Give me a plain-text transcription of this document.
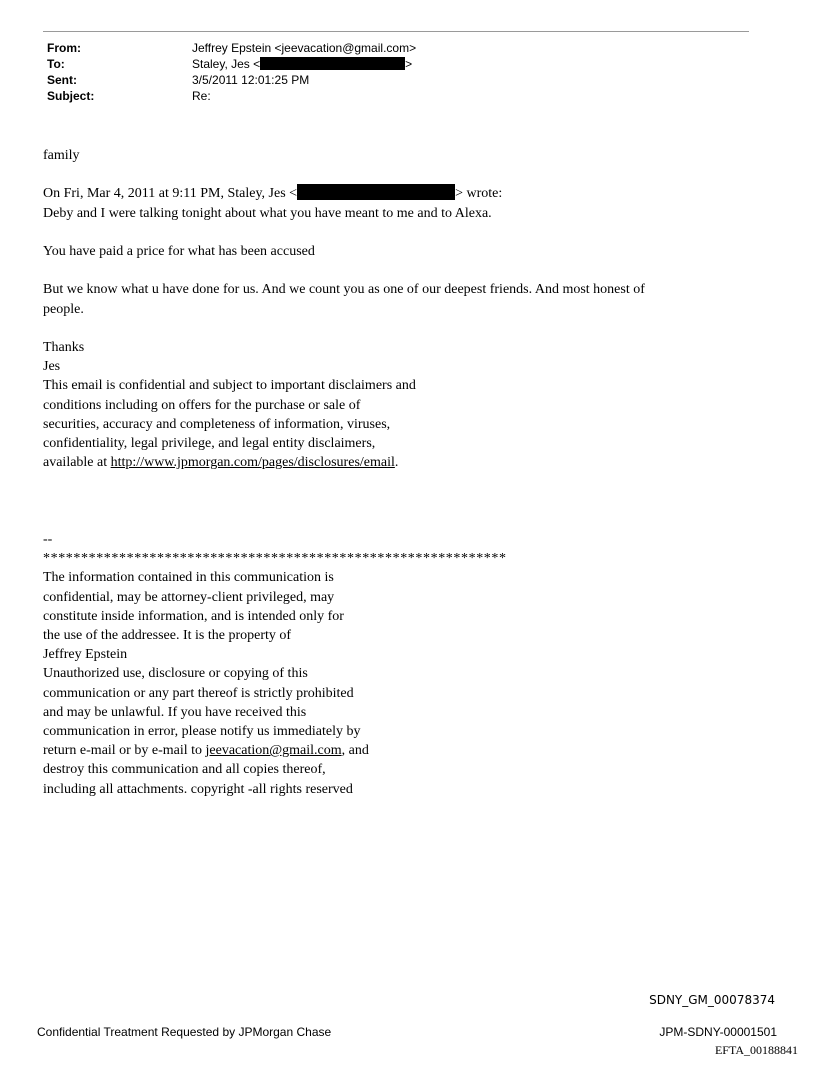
From:	Jeffrey Epstein <jeevacation@gmail.com>
To:	Staley, Jes <	>
Sent:	3/5/2011 12:01:25 PM
Subject:	Re:

family

On Fri, Mar 4, 2011 at 9:11 PM, Staley, Jes <	> wrote:

Deby and I were talking tonight about what you have meant to me and to Alexa.

You have paid a price for what has been accused

But we know what u have done for us. And we count you as one of our deepest friends. And most honest of

people.

Thanks

Jes

This email is confidential and subject to important disclaimers and

conditions including on offers for the purchase or sale of

securities, accuracy and completeness of information, viruses,

confidentiality, legal privilege, and legal entity disclaimers,

available at http://www.jpmorgan.com/pages/disclosures/email.

--

*************************************************************

The information contained in this communication is

confidential, may be attorney-client privileged, may

constitute inside information, and is intended only for

the use of the addressee. It is the property of

Jeffrey Epstein

Unauthorized use, disclosure or copying of this

communication or any part thereof is strictly prohibited

and may be unlawful. If you have received this

communication in error, please notify us immediately by

return e-mail or by e-mail to jeevacation@gmail.com, and

destroy this communication and all copies thereof,

including all attachments. copyright -all rights reserved

SDNY_GM_00078374
Confidential Treatment Requested by JPMorgan Chase	JPM-SDNY-00001501
EFTA_00188841
